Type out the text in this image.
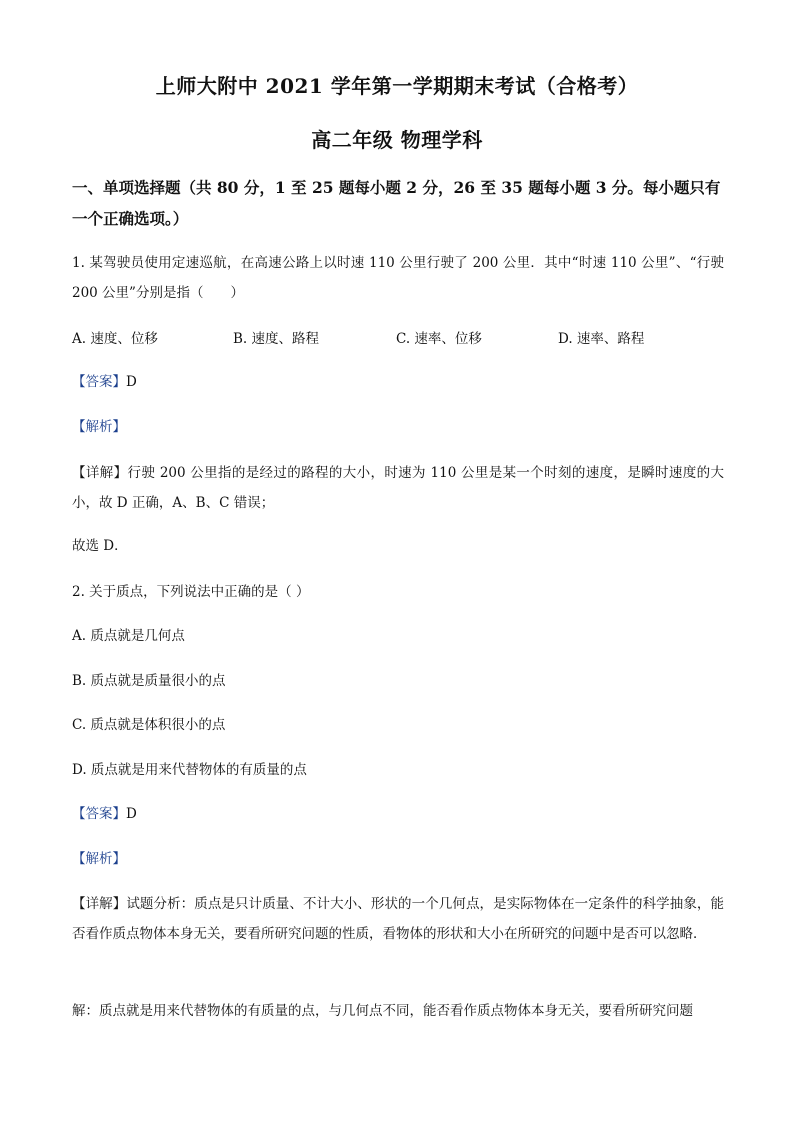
上师大附中 2021 学年第一学期期末考试（合格考）
高二年级 物理学科
一、单项选择题（共 80 分，1 至 25 题每小题 2 分，26 至 35 题每小题 3 分。每小题只有一个正确选项。）
1. 某驾驶员使用定速巡航，在高速公路上以时速 110 公里行驶了 200 公里．其中“时速 110 公里”、“行驶 200 公里”分别是指（　　）
A. 速度、位移	B. 速度、路程	C. 速率、位移	D. 速率、路程
【答案】D
【解析】
【详解】行驶 200 公里指的是经过的路程的大小，时速为 110 公里是某一个时刻的速度，是瞬时速度的大小，故 D 正确，A、B、C 错误；
故选 D．
2. 关于质点，下列说法中正确的是（ ）
A. 质点就是几何点
B. 质点就是质量很小的点
C. 质点就是体积很小的点
D. 质点就是用来代替物体的有质量的点
【答案】D
【解析】
【详解】试题分析：质点是只计质量、不计大小、形状的一个几何点，是实际物体在一定条件的科学抽象，能否看作质点物体本身无关，要看所研究问题的性质，看物体的形状和大小在所研究的问题中是否可以忽略．
解：质点就是用来代替物体的有质量的点，与几何点不同，能否看作质点物体本身无关，要看所研究问题
